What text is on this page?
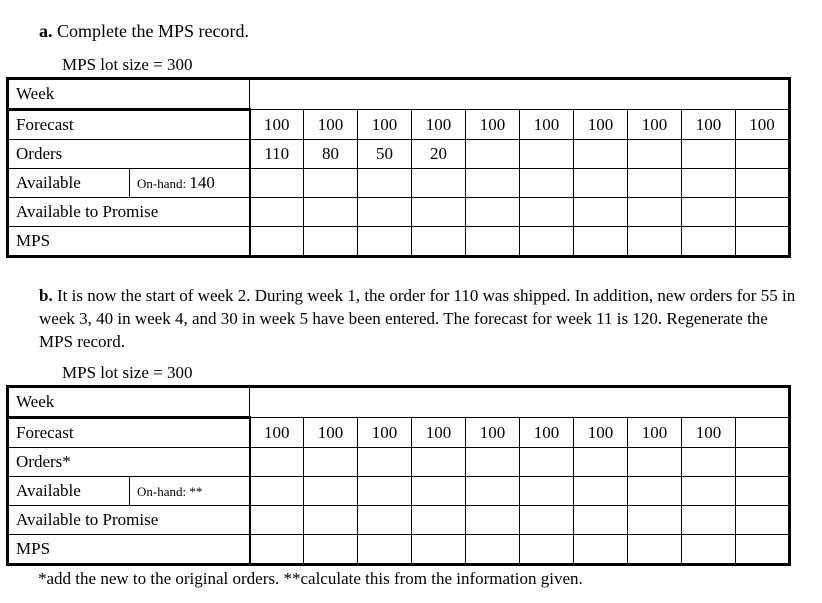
a. Complete the MPS record.
MPS lot size = 300
Week											
Forecast		100	100	100	100	100	100	100	100	100	100
Orders		110	80	50	20						
Available	On-hand: 140										
Available to Promise											
MPS											
b. It is now the start of week 2. During week 1, the order for 110 was shipped. In addition, new orders for 55 in week 3, 40 in week 4, and 30 in week 5 have been entered. The forecast for week 11 is 120. Regenerate the MPS record.
MPS lot size = 300
Week											
Forecast		100	100	100	100	100	100	100	100	100	
Orders*											
Available	On-hand: **										
Available to Promise											
MPS											
*add the new to the original orders. **calculate this from the information given.
